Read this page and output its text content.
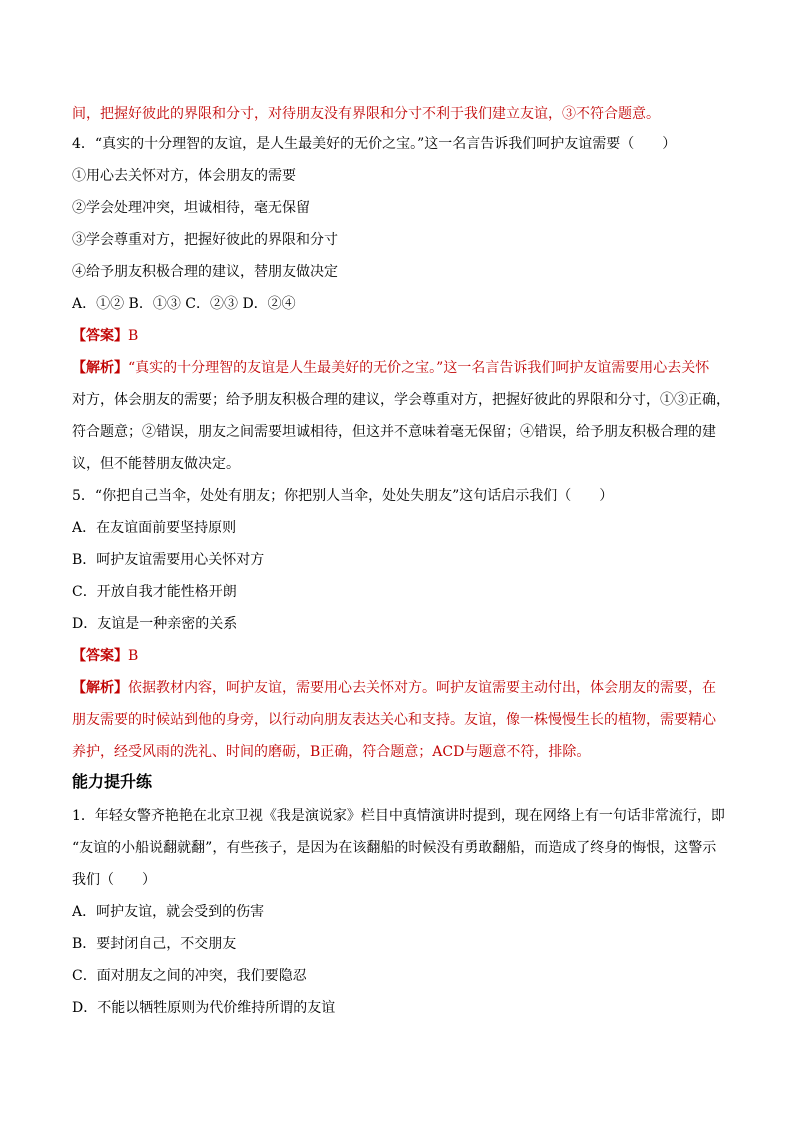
间，把握好彼此的界限和分寸，对待朋友没有界限和分寸不利于我们建立友谊，③不符合题意。
4．“真实的十分理智的友谊，是人生最美好的无价之宝。”这一名言告诉我们呵护友谊需要（　　）
①用心去关怀对方，体会朋友的需要
②学会处理冲突，坦诚相待，毫无保留
③学会尊重对方，把握好彼此的界限和分寸
④给予朋友积极合理的建议，替朋友做决定
A．①② B．①③ C．②③ D．②④
【答案】B
【解析】“真实的十分理智的友谊是人生最美好的无价之宝。”这一名言告诉我们呵护友谊需要用心去关怀
对方，体会朋友的需要；给予朋友积极合理的建议，学会尊重对方，把握好彼此的界限和分寸，①③正确，
符合题意；②错误，朋友之间需要坦诚相待，但这并不意味着毫无保留；④错误，给予朋友积极合理的建
议，但不能替朋友做决定。
5．“你把自己当伞，处处有朋友；你把别人当伞，处处失朋友”这句话启示我们（　　）
A．在友谊面前要坚持原则
B．呵护友谊需要用心关怀对方
C．开放自我才能性格开朗
D．友谊是一种亲密的关系
【答案】B
【解析】依据教材内容，呵护友谊，需要用心去关怀对方。呵护友谊需要主动付出，体会朋友的需要，在
朋友需要的时候站到他的身旁，以行动向朋友表达关心和支持。友谊，像一株慢慢生长的植物，需要精心
养护，经受风雨的洗礼、时间的磨砺，B正确，符合题意；ACD与题意不符，排除。
能力提升练
1．年轻女警齐艳艳在北京卫视《我是演说家》栏目中真情演讲时提到，现在网络上有一句话非常流行，即
“友谊的小船说翻就翻”，有些孩子，是因为在该翻船的时候没有勇敢翻船，而造成了终身的悔恨，这警示
我们（　　）
A．呵护友谊，就会受到的伤害
B．要封闭自己，不交朋友
C．面对朋友之间的冲突，我们要隐忍
D．不能以牺牲原则为代价维持所谓的友谊
